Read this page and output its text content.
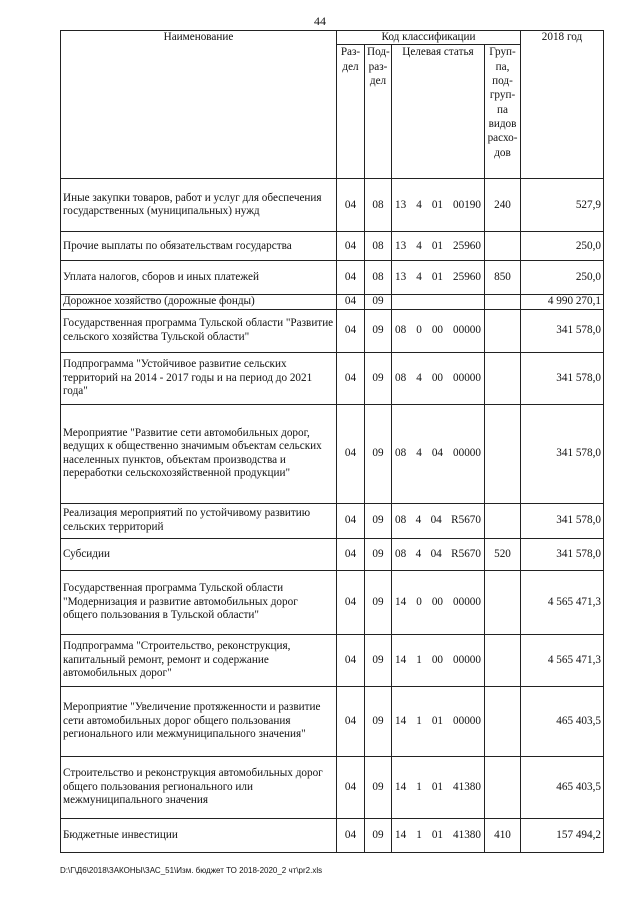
44
Наименование	Код классификации				2018 год
	Раз-дел	Под-раз-дел	Целевая статья	Груп-па, под-груп-па видов расхо-дов	
Иные закупки товаров, работ и услуг для обеспечения государственных (муниципальных) нужд	04	08	13 4 01 00190	240	527,9
Прочие выплаты по обязательствам государства	04	08	13 4 01 25960		250,0
Уплата налогов, сборов и иных платежей	04	08	13 4 01 25960	850	250,0
Дорожное хозяйство (дорожные фонды)	04	09			4 990 270,1
Государственная программа Тульской области "Развитие сельского хозяйства Тульской области"	04	09	08 0 00 00000		341 578,0
Подпрограмма "Устойчивое развитие сельских территорий на 2014 - 2017 годы и на период до 2021 года"	04	09	08 4 00 00000		341 578,0
Мероприятие "Развитие сети автомобильных дорог, ведущих к общественно значимым объектам сельских населенных пунктов, объектам производства и переработки сельскохозяйственной продукции"	04	09	08 4 04 00000		341 578,0
Реализация мероприятий по устойчивому развитию сельских территорий	04	09	08 4 04 R5670		341 578,0
Субсидии	04	09	08 4 04 R5670	520	341 578,0
Государственная программа Тульской области "Модернизация и развитие автомобильных дорог общего пользования в Тульской области"	04	09	14 0 00 00000		4 565 471,3
Подпрограмма "Строительство, реконструкция, капитальный ремонт, ремонт и содержание автомобильных дорог"	04	09	14 1 00 00000		4 565 471,3
Мероприятие "Увеличение протяженности и развитие сети автомобильных дорог общего пользования регионального или межмуниципального значения"	04	09	14 1 01 00000		465 403,5
Строительство и реконструкция автомобильных дорог общего пользования регионального или межмуниципального значения	04	09	14 1 01 41380		465 403,5
Бюджетные инвестиции	04	09	14 1 01 41380	410	157 494,2
D:\Г\Д6\2018\ЗАКОНЫ\ЗАС_51\Изм. бюджет ТО 2018-2020_2 чт\pr2.xls
